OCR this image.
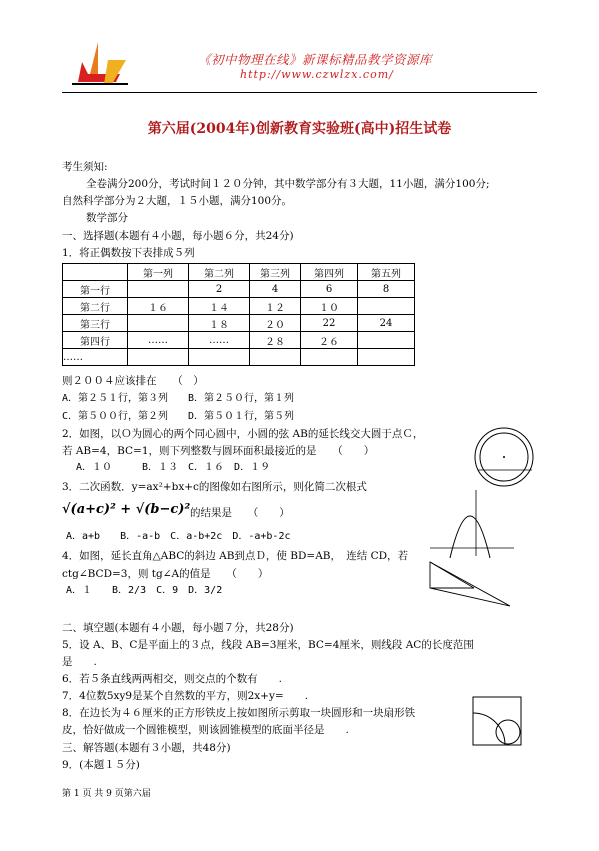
《初中物理在线》新课标精品教学资源库
http://www.czwlzx.com/
第六届(2004年)创新教育实验班(高中)招生试卷
考生须知:
全卷满分200分，考试时间１２０分钟，其中数学部分有３大题，11小题，满分100分;
自然科学部分为２大题，１５小题，满分100分。
数学部分
一、选择题(本题有４小题，每小题６分，共24分)
1．将正偶数按下表排成５列
	第一列	第二列	第三列	第四列	第五列
第一行		2	4	6	8
第二行	１６	１４	１２	１０	
第三行		１８	２０	22	24
第四行	……	……	２８	２６	
……					
则２００４应该排在　　（　）
A．第２５１行，第３列　　B．第２５０行，第１列
C．第５００行，第２列　　D．第５０１行，第５列
2．如图，以Ｏ为圆心的两个同心圆中，小圆的弦 AB的延长线交大圆于点Ｃ，
若 AB=4，BC=1，则下列整数与圆环面积最接近的是　　（　　）
A．１０　　　B．１３　C．１６　D．１９
3．二次函数．y=ax²+bx+c的图像如右图所示，则化简二次根式
√(a+c)² + √(b−c)² 的结果是　　（　　）
A．a+b　　B．-a-b　C．a-b+2c　D．-a+b-2c
4．如图，延长直角△ABC的斜边 AB到点Ｄ，使 BD=AB，　连结 CD，若
ctg∠BCD=3，则 tg∠A的值是　　（　　）
A．１　　B．2/3　C．9　D．3/2
二、填空题(本题有４小题，每小题７分，共28分)
5．设 A、B、C是平面上的３点，线段 AB=3厘米，BC=4厘米，则线段 AC的长度范围
是　　.
6．若５条直线两两相交，则交点的个数有　　.
7．4位数5xy9是某个自然数的平方，则2x+y=　　.
8．在边长为４６厘米的正方形铁皮上按如图所示剪取一块圆形和一块扇形铁
皮，恰好做成一个圆锥模型，则该圆锥模型的底面半径是　　.
三、解答题(本题有３小题，共48分)
9．(本题１５分)
第 1 页 共 9 页第六届
